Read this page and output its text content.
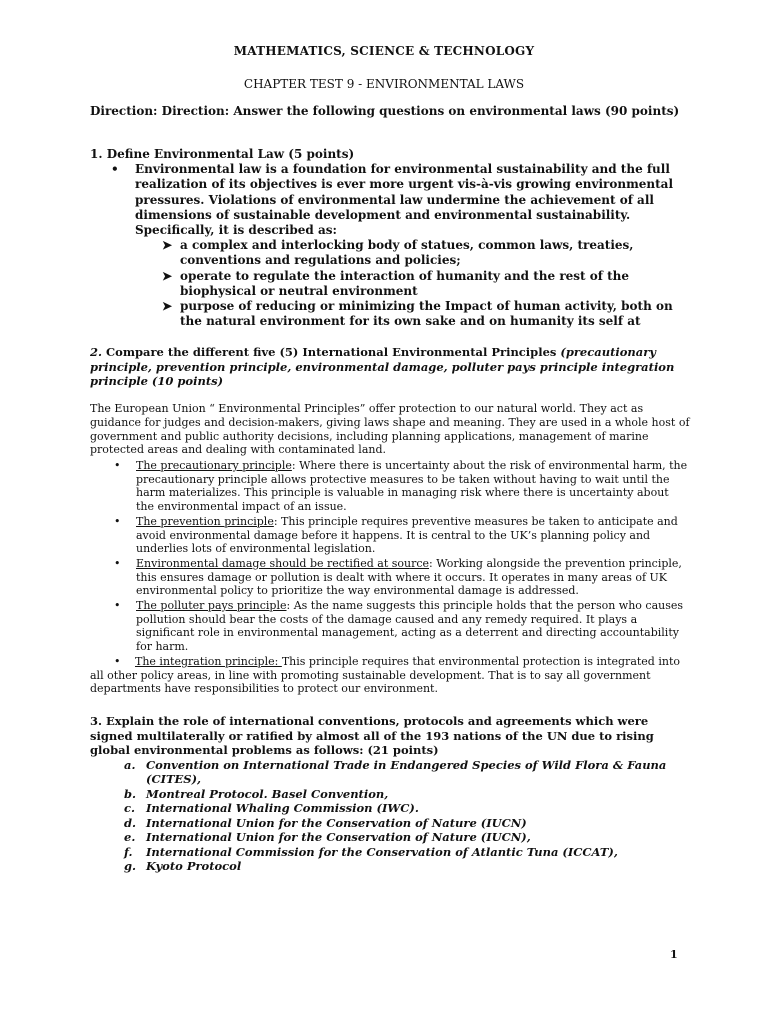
MATHEMATICS, SCIENCE & TECHNOLOGY
CHAPTER TEST 9 - ENVIRONMENTAL LAWS
Direction: Direction: Answer the following questions on environmental laws (90 points)
1. Define Environmental Law (5 points)
• Environmental law is a foundation for environmental sustainability and the full realization of its objectives is ever more urgent vis-à-vis growing environmental pressures. Violations of environmental law undermine the achievement of all dimensions of sustainable development and environmental sustainability. Specifically, it is described as:
➤ a complex and interlocking body of statues, common laws, treaties, conventions and regulations and policies;
➤ operate to regulate the interaction of humanity and the rest of the biophysical or neutral environment
➤ purpose of reducing or minimizing the Impact of human activity, both on the natural environment for its own sake and on humanity its self at
2. Compare the different five (5) International Environmental Principles (precautionary principle, prevention principle, environmental damage, polluter pays principle integration principle (10 points)
The European Union “ Environmental Principles” offer protection to our natural world. They act as guidance for judges and decision-makers, giving laws shape and meaning. They are used in a whole host of government and public authority decisions, including planning applications, management of marine protected areas and dealing with contaminated land.
• The precautionary principle: Where there is uncertainty about the risk of environmental harm, the precautionary principle allows protective measures to be taken without having to wait until the harm materializes. This principle is valuable in managing risk where there is uncertainty about the environmental impact of an issue.
• The prevention principle: This principle requires preventive measures be taken to anticipate and avoid environmental damage before it happens. It is central to the UK’s planning policy and underlies lots of environmental legislation.
• Environmental damage should be rectified at source: Working alongside the prevention principle, this ensures damage or pollution is dealt with where it occurs. It operates in many areas of UK environmental policy to prioritize the way environmental damage is addressed.
• The polluter pays principle: As the name suggests this principle holds that the person who causes pollution should bear the costs of the damage caused and any remedy required. It plays a significant role in environmental management, acting as a deterrent and directing accountability for harm.
• The integration principle: This principle requires that environmental protection is integrated into all other policy areas, in line with promoting sustainable development. That is to say all government departments have responsibilities to protect our environment.
3. Explain the role of international conventions, protocols and agreements which were signed multilaterally or ratified by almost all of the 193 nations of the UN due to rising global environmental problems as follows: (21 points)
a. Convention on International Trade in Endangered Species of Wild Flora & Fauna (CITES),
b. Montreal Protocol. Basel Convention,
c. International Whaling Commission (IWC).
d. International Union for the Conservation of Nature (IUCN)
e. International Union for the Conservation of Nature (IUCN),
f. International Commission for the Conservation of Atlantic Tuna (ICCAT),
g. Kyoto Protocol
1
